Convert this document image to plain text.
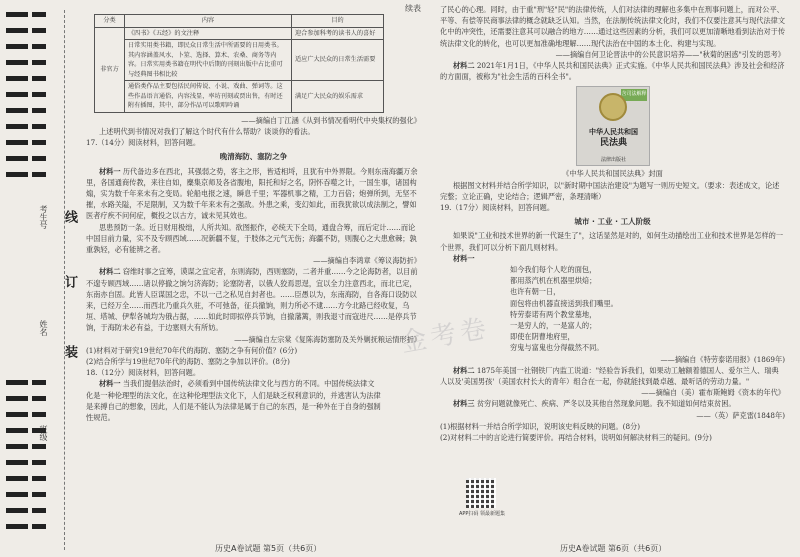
考生号
姓名
班级
线
订
装
续表
分类	内容	目的
非官方	《四书》《五经》的文注释	迎合参加科考的读书人的喜好
	日常实用类书籍，即民众日常生活中所需要的日用类书。其内容涵盖风水、卜筮、选择、算术、农桑、商务等内容。日常实用类书籍在明代中后期的刊刻出版中占比重可与经典图书相比较	适应广大民众的日常生活需要
	通俗类作品主要包括民间传说、小说、戏曲、弹词等。这些作品语言通俗，内容浅显，率坊刊刻或贾出售，有时还附有插图，其中，部分作品可以歌唱吟诵	满足广大民众的娱乐需求
——摘编自丁江涵《从到书情况看明代中央集权的强化》

上述明代到书情况对我们了解这个时代有什么帮助？谈谈你的看法。

17.（14分）阅读材料，回答问题。

晚清海防、塞防之争

材料一 历代备边多在西北，其强弱之势，客主之形，皆适相埒，且犹有中外界限。今则东南海疆万余里，各国通商传教，来往自如，麇集京师及各省腹地，阳托和好之名，阴怀吞噬之计，一国生事，诸国构煽，实为数千年来未有之变局。轮船电报之速，瞬息千里；军器机事之精，工力百倍；炮弹所到，无坚不摧，水路关隘，不足限制，又为数千年来未有之强敌。外患之乘，变幻如此，而我犹欲以成法制之，譬如医者疗疾不问何症，概投之以古方，诚未见其效也。

思患预防一条。近日财用极绌，人所共知。欲图振作，必统天下全局，通盘合筹，而后定计……而论中国目前力量，实不及专顾西域……况新疆不复，于肢体之元气无伤；海疆不防，则腹心之大患愈棘；孰重孰轻，必有能辨之者。

——摘编自李鸿章《筹议海防折》

材料二 窃维时事之宜筹，谟谋之宜定者，东则海防，西则塞防，二者并重……今之论海防者，以目前不遑专顾西域……诸以停撤之饷匀济海防；论塞防者，以俄人狡焉思逞，宜以全力注意西北，而北已定，东南亦自固。此皆人臣谋国之忠，不以一己之私见自封者也。……臣愚以为，东南海防，自各海口设防以来，已经万全……而西北乃重兵久驻，不可弛备，征兵撤饷，则力所必不逮……方今北路已经收复，乌垣、塔城、伊犁各城均为俄占据，……如此时即拟停兵节饷，自撤藩篱，则我退寸而寇进尺……是停兵节饷，于海防未必有益，于边塞则大有所妨。

——摘编自左宗棠《复陈海防塞防及关外剿抚粮运情形折》

(1)材料对于研究19世纪70年代的海防、塞防之争有何价值？(6分)

(2)结合所学与19世纪70年代的海防、塞防之争加以评价。(8分)

18.（12分）阅读材料，回答问题。

材料一 当我们提倡法治时，必须看到中国传统法律文化与西方的不同。中国传统法律文化是一种伦理型的法文化，在这种伦理型法文化下，人们是缺乏权利意识的，并逃害认为法律是来搏自己的想象，因此，人们是不能认为法律是属于自己的东西，是一种外在于自身的强制性规范。

APP扫码 领最新题集
历史A卷试题 第5页（共6页）

了民心的心理。同时，由于重"刑"轻"民"的法律传统，人们对法律的理解也多集中在刑事问题上，而对公平、平等、有偿等民商事法律的概念就缺乏认知。当然，在法制传统法律文化时，我们不仅要注意其与现代法律文化中的冲突性，还需要注意其可以融合的地方……通过这些因素的分析，我们可以更加清晰地看到法治对于传统法律文化的转化，也可以更加准确地理解……现代法治在中国的本土化、构建与实现。

——摘编自何卫论晋法中的公民意识培养——"秋菊的困惑"引发的思考》

材料二 2021年1月1日，《中华人民共和国民法典》正式实施。《中华人民共和国民法典》涉及社会和经济的方面面，被称为"社会生活的百科全书"。

含司法解释
中华人民共和国
民法典
法律出版社
《中华人民共和国民法典》封面

根据图文材料并结合所学知识，以"新时期中国法治建设"为题写一则历史短文。（要求：表述成文，论述完整；立论正确，史论结合；逻辑严密，条理清晰）

19.（17分）阅读材料，回答问题。

城市 · 工业 · 工人阶级

如果说"工业和技术世界的新一代诞生了"，这话显然是对的，如何生动描绘出工业和技术世界是怎样的一个世界，我们可以分析下面几则材料。

材料一

如今我们每个人吃的面包，
都用蒸汽机在机器里烘焙；
也许有朝一日，
面包将由机器直接送到我们嘴里。
特劳泰诺有两个教堂墓地，
一是穷人的，一是富人的；
即使在阴曹地府里，
穷鬼与富鬼也分得截然不同。
——摘编自《特劳泰诺用报》(1869年)

材料二 1875年美国一社钢铁厂内监工说道："经验告诉我们，如果动工触额着德国人、爱尔兰人、瑞典人以及'美国男孩'（美国农村长大的青年）组合在一起，你就能找到最卓越、最听话的劳动力量。"

——摘编自（美）霍布斯鲍姆《资本的年代》

材料三 贫穷问题就像死亡、疾病、严冬以及其他自然现象问题。我不知道如何结束贫困。

——（英）萨克雷(1848年)

(1)根据材料一并结合所学知识，说明该史料反映的问题。(8分)

(2)对材料二中的言论进行简要评价。再结合材料，说明如何解决材料三的疑问。(9分)

历史A卷试题 第6页（共6页）
金考卷
